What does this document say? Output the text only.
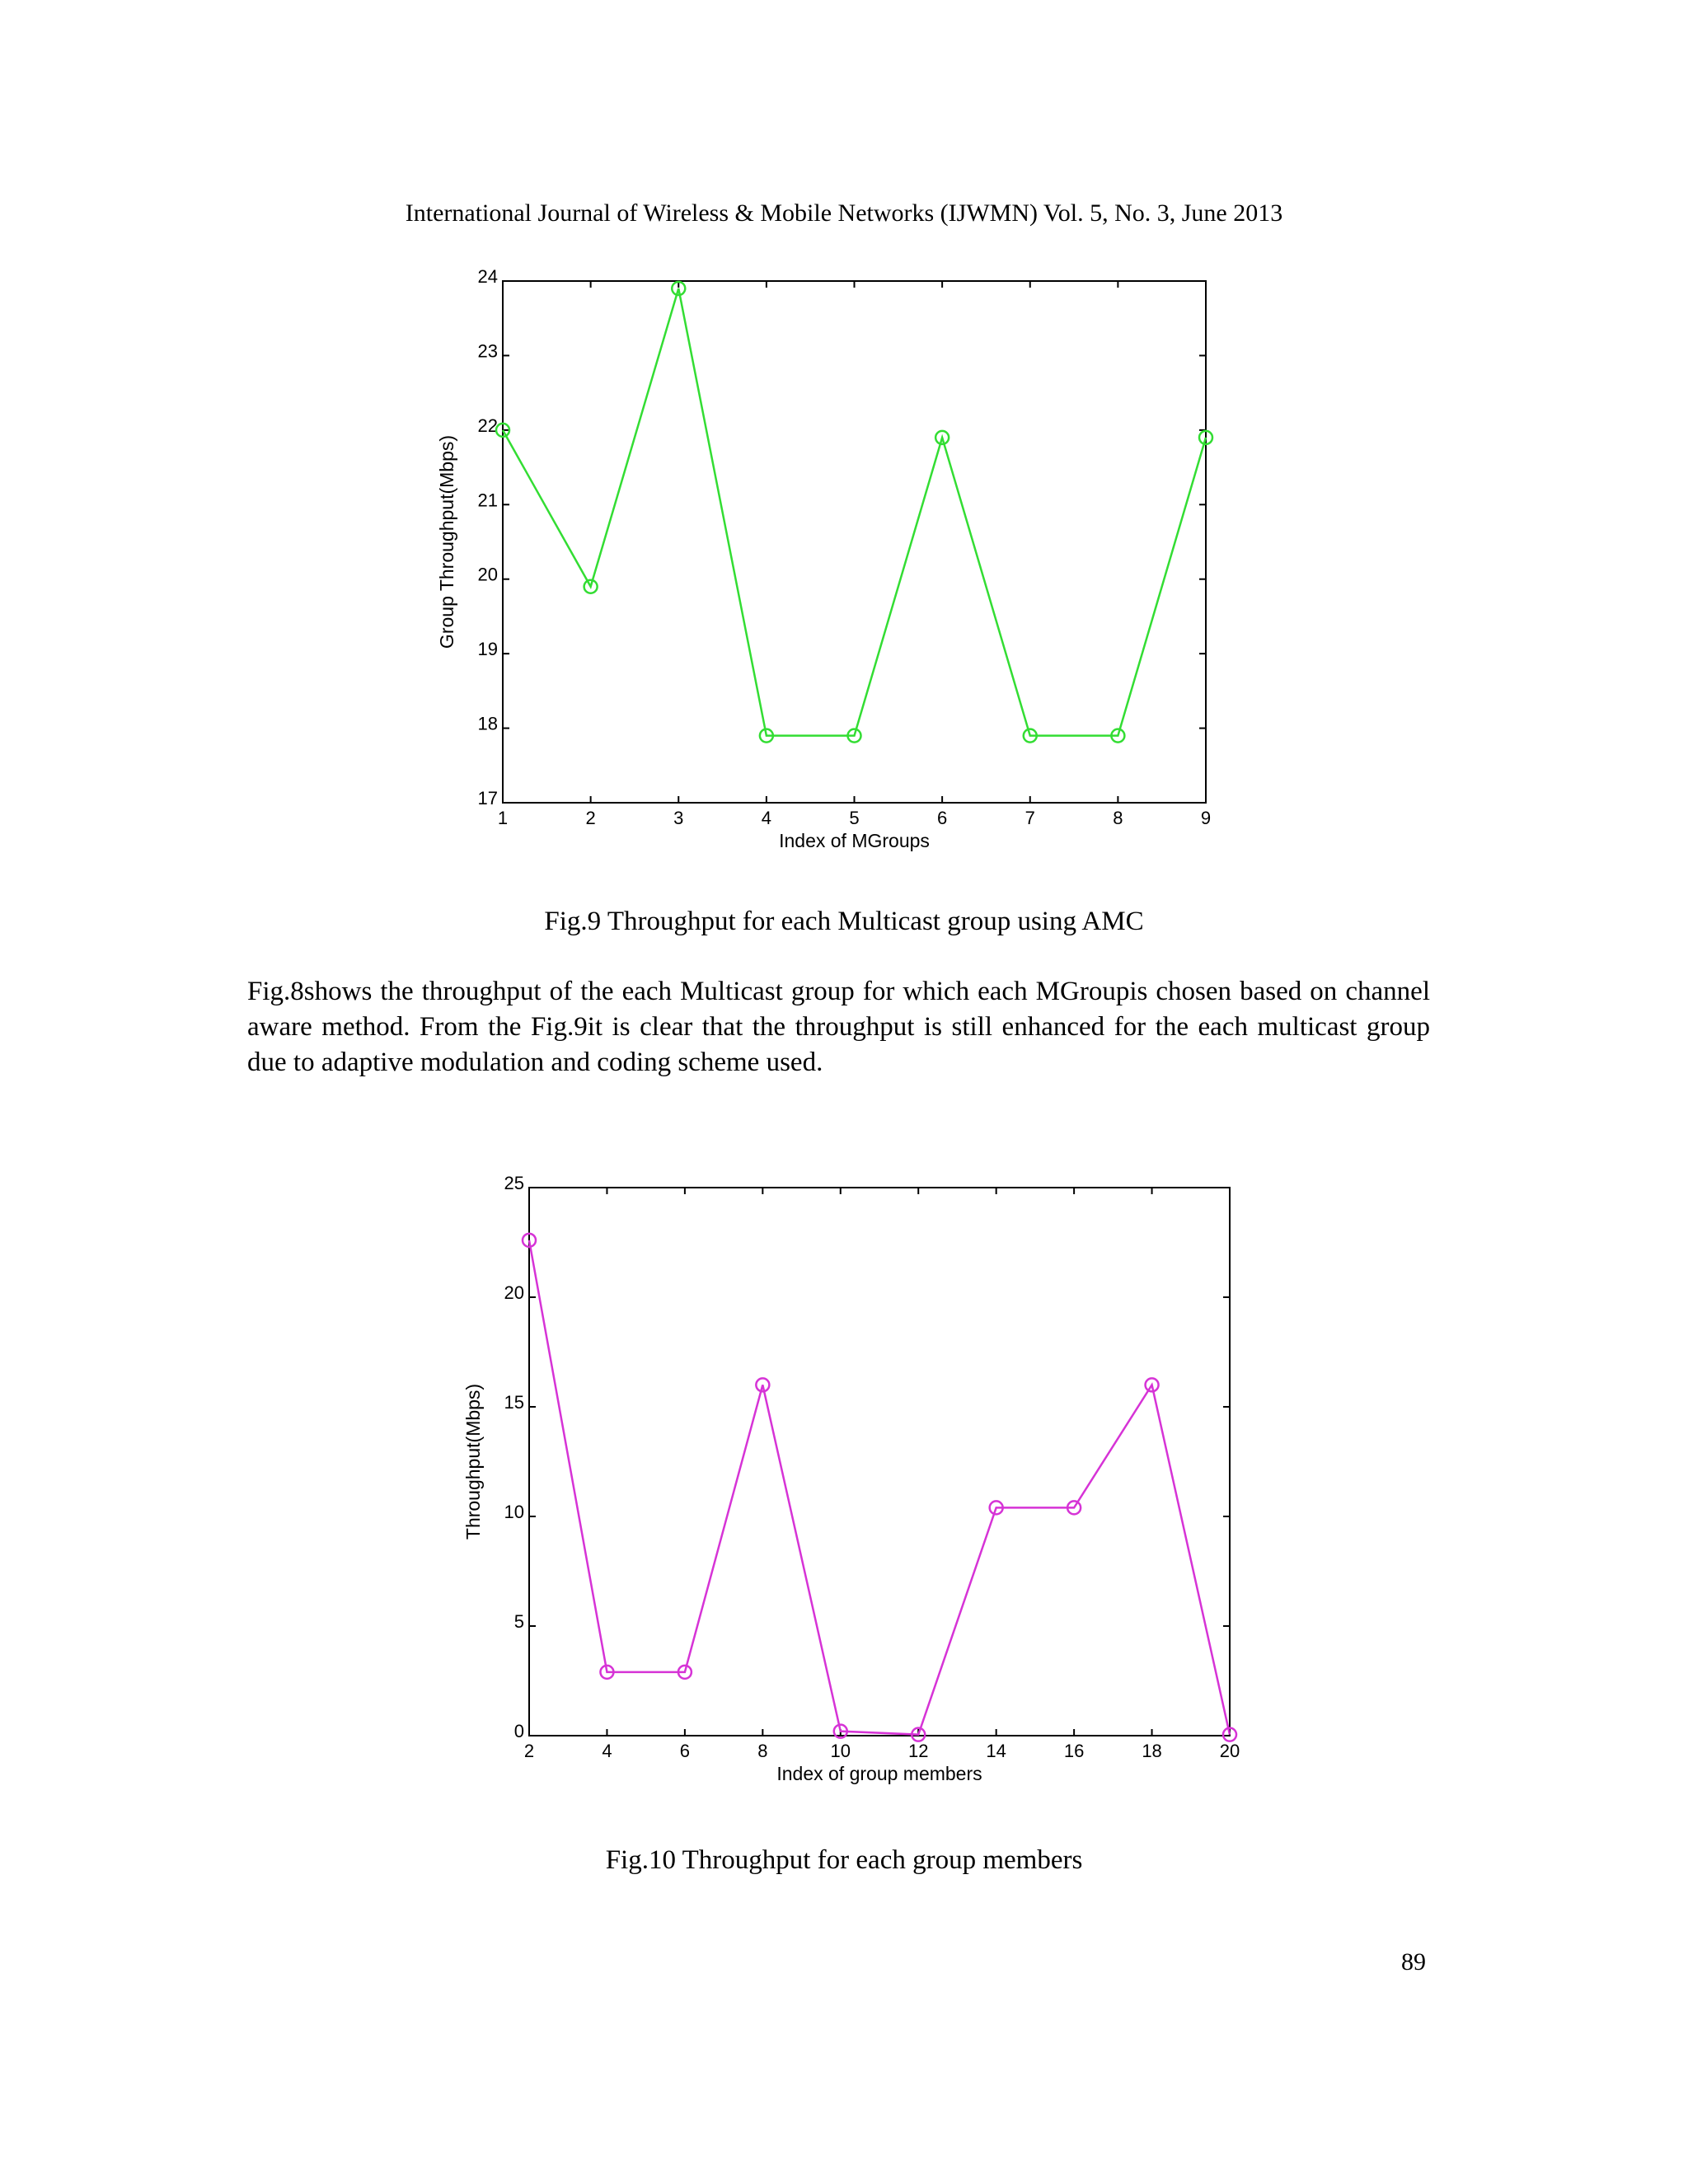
International Journal of Wireless & Mobile Networks (IJWMN) Vol. 5, No. 3, June 2013
1	2	3	4	5	6	7	8	9
17
18
19
20
21
22
23
24
Index of MGroups
Group Throughput(Mbps)
Fig.9 Throughput for each Multicast group using AMC
Fig.8shows the throughput of the each Multicast group for which each MGroupis chosen based on channel aware method. From the Fig.9it is clear that the throughput is still enhanced for the each multicast group due to adaptive modulation and coding scheme used.
2	4	6	8	10	12	14	16	18	20
0
5
10
15
20
25
Index of group members
Throughput(Mbps)
Fig.10 Throughput for each group members
89
